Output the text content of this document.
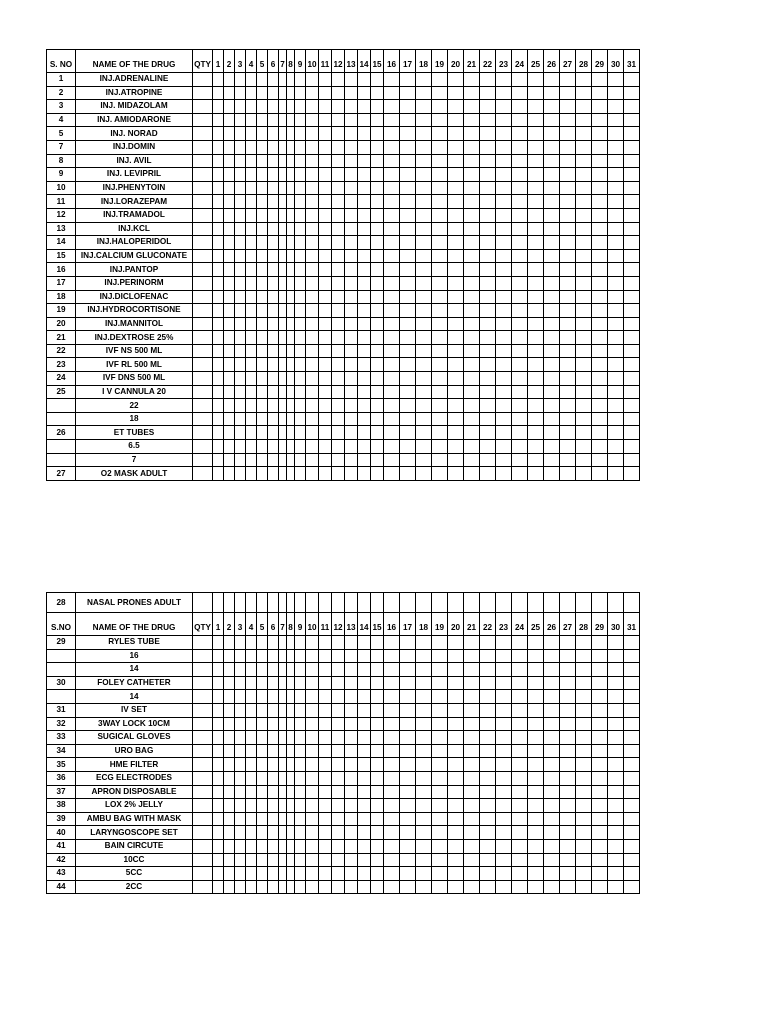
S. NO	NAME OF THE DRUG	QTY	1	2	3	4	5	6	7	8	9	10	11	12	13	14	15	16	17	18	19	20	21	22	23	24	25	26	27	28	29	30	31
1	INJ.ADRENALINE																																
2	INJ.ATROPINE																																
3	INJ. MIDAZOLAM																																
4	INJ. AMIODARONE																																
5	INJ. NORAD																																
7	INJ.DOMIN																																
8	INJ. AVIL																																
9	INJ. LEVIPRIL																																
10	INJ.PHENYTOIN																																
11	INJ.LORAZEPAM																																
12	INJ.TRAMADOL																																
13	INJ.KCL																																
14	INJ.HALOPERIDOL																																
15	INJ.CALCIUM GLUCONATE																																
16	INJ.PANTOP																																
17	INJ.PERINORM																																
18	INJ.DICLOFENAC																																
19	INJ.HYDROCORTISONE																																
20	INJ.MANNITOL																																
21	INJ.DEXTROSE 25%																																
22	IVF NS 500 ML																																
23	IVF RL 500 ML																																
24	IVF DNS 500 ML																																
25	I V CANNULA 20																																
	22																																
	18																																
26	ET TUBES																																
	6.5																																
	7																																
27	O2 MASK ADULT																																
28	NASAL PRONES ADULT																																
S.NO	NAME OF THE DRUG	QTY	1	2	3	4	5	6	7	8	9	10	11	12	13	14	15	16	17	18	19	20	21	22	23	24	25	26	27	28	29	30	31
29	RYLES TUBE																																
	16																																
	14																																
30	FOLEY CATHETER																																
	14																																
31	IV SET																																
32	3WAY LOCK 10CM																																
33	SUGICAL GLOVES																																
34	URO BAG																																
35	HME FILTER																																
36	ECG ELECTRODES																																
37	APRON DISPOSABLE																																
38	LOX 2% JELLY																																
39	AMBU BAG WITH MASK																																
40	LARYNGOSCOPE SET																																
41	BAIN CIRCUTE																																
42	10CC																																
43	5CC																																
44	2CC																																
